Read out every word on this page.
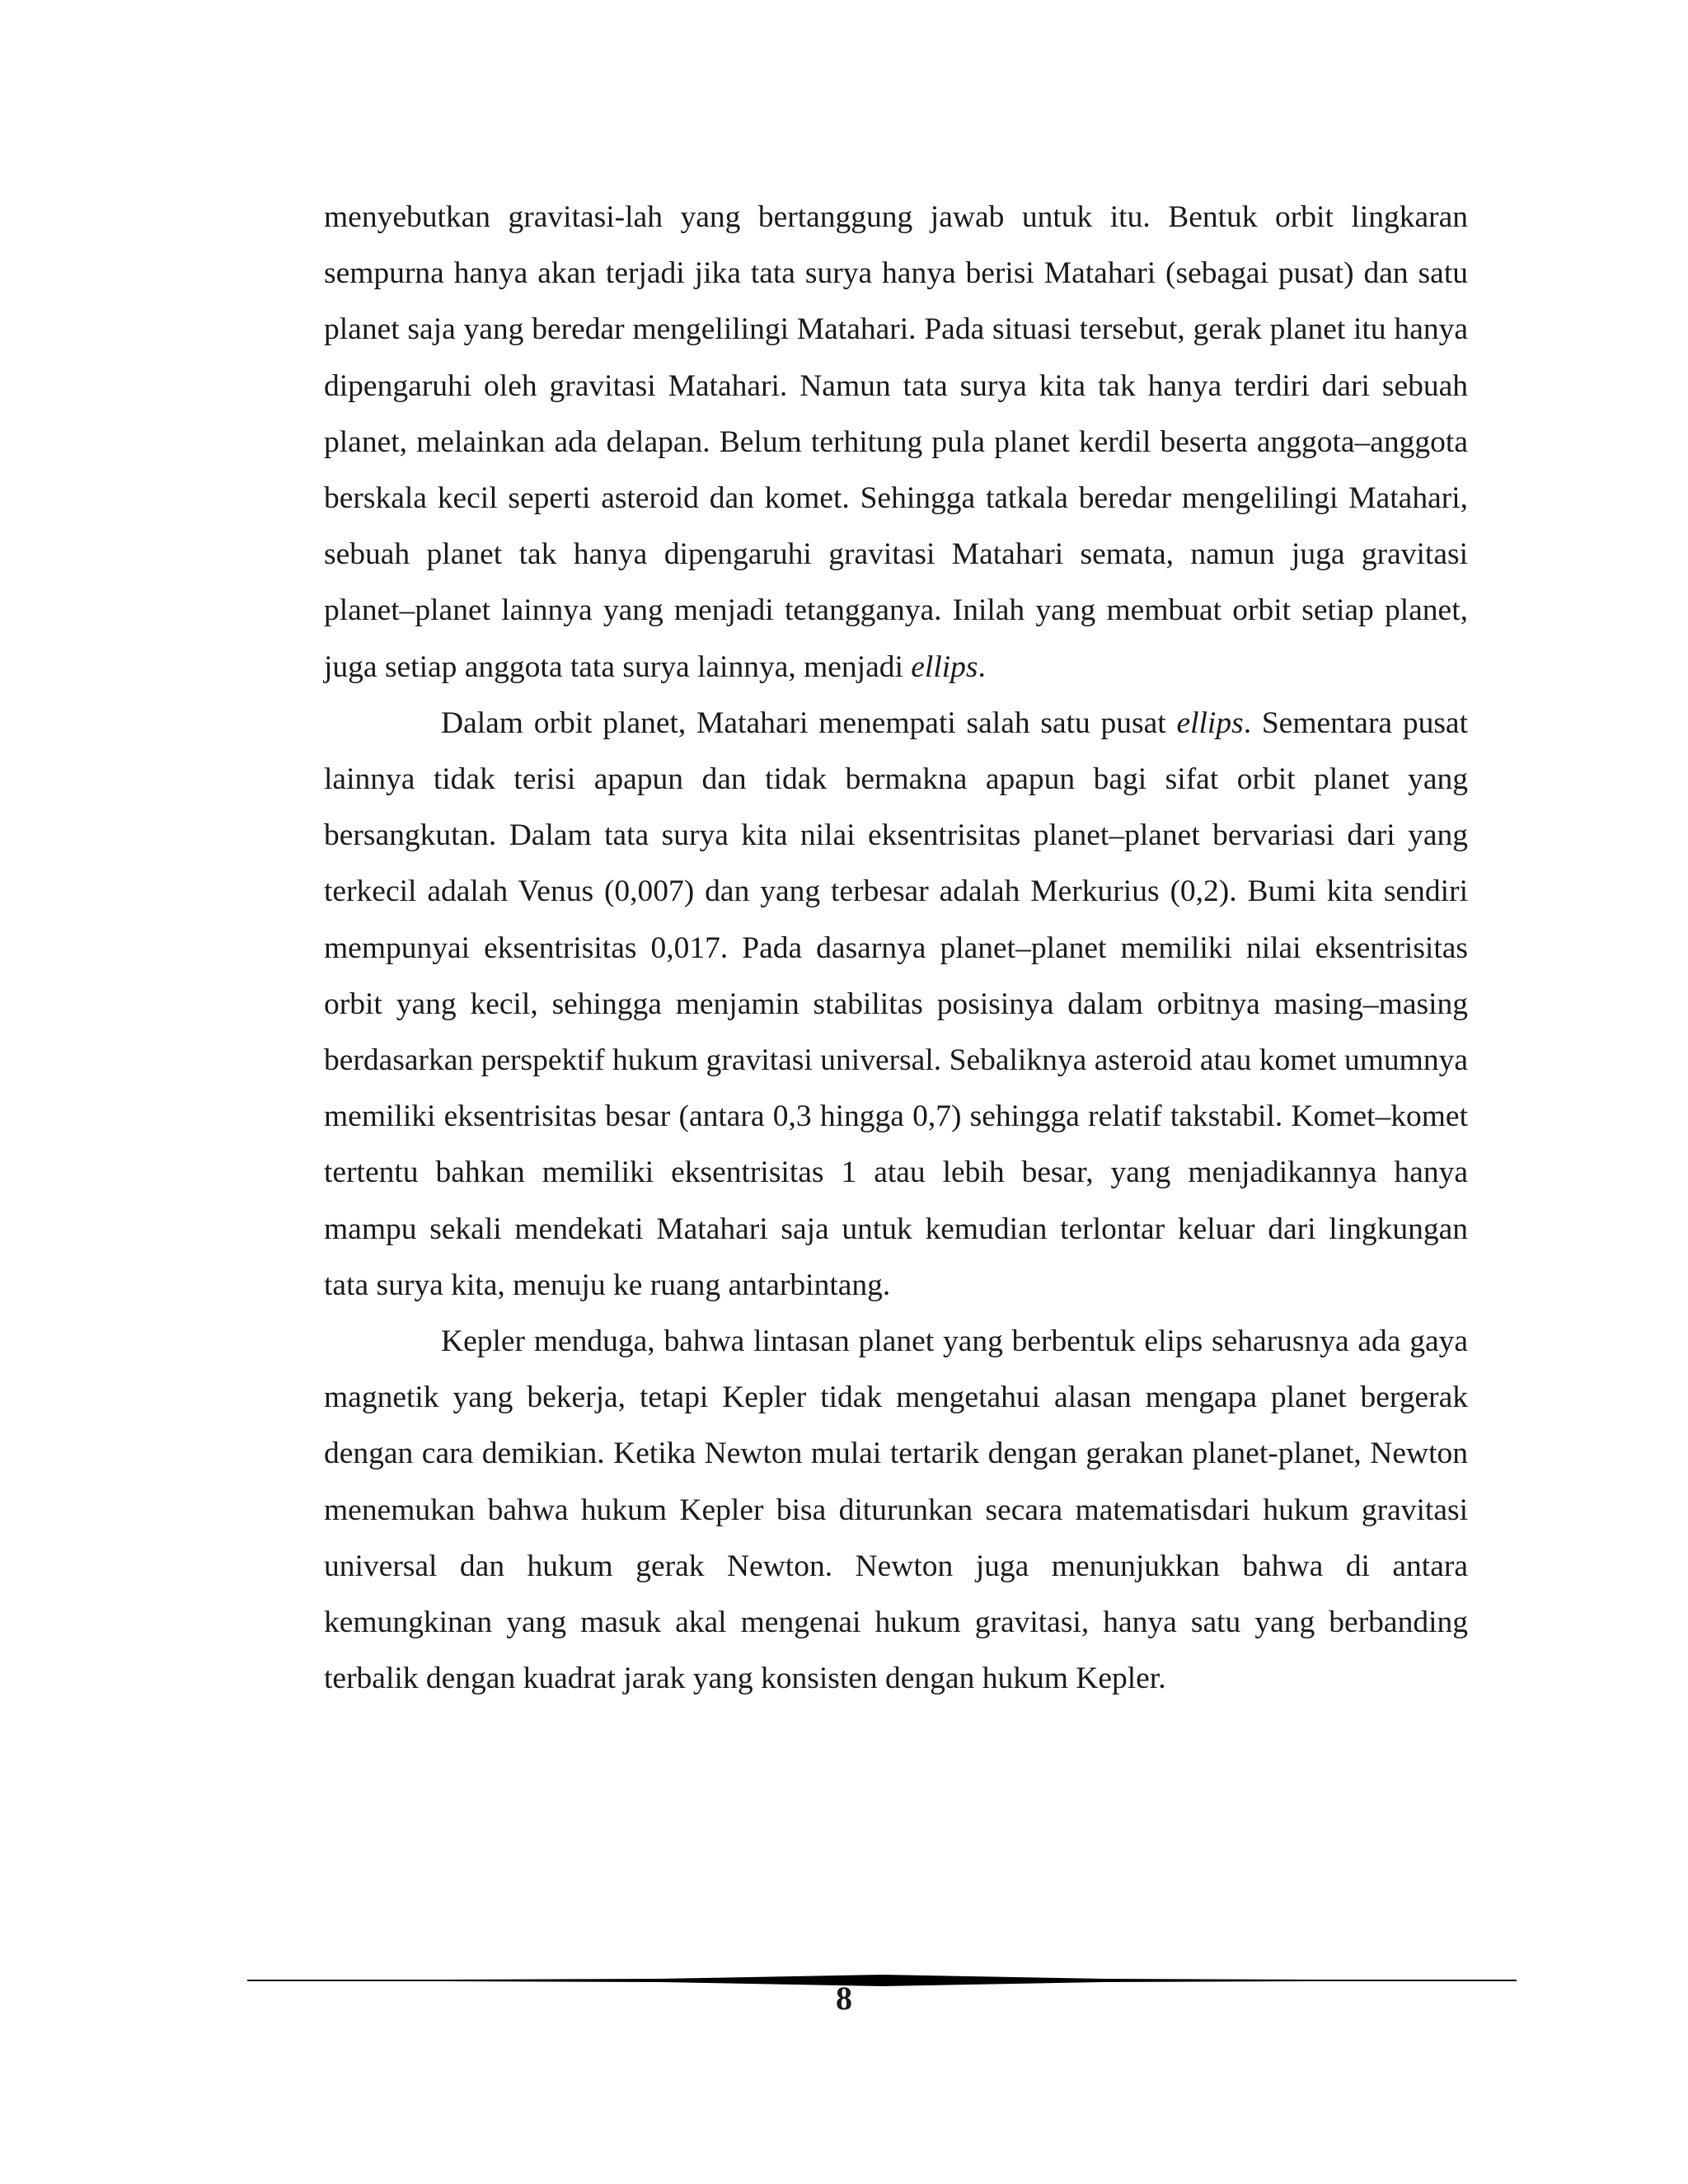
menyebutkan gravitasi-lah yang bertanggung jawab untuk itu. Bentuk orbit lingkaran sempurna hanya akan terjadi jika tata surya hanya berisi Matahari (sebagai pusat) dan satu planet saja yang beredar mengelilingi Matahari. Pada situasi tersebut, gerak planet itu hanya dipengaruhi oleh gravitasi Matahari. Namun tata surya kita tak hanya terdiri dari sebuah planet, melainkan ada delapan. Belum terhitung pula planet kerdil beserta anggota–anggota berskala kecil seperti asteroid dan komet. Sehingga tatkala beredar mengelilingi Matahari, sebuah planet tak hanya dipengaruhi gravitasi Matahari semata, namun juga gravitasi planet–planet lainnya yang menjadi tetangganya. Inilah yang membuat orbit setiap planet, juga setiap anggota tata surya lainnya, menjadi ellips.

Dalam orbit planet, Matahari menempati salah satu pusat ellips. Sementara pusat lainnya tidak terisi apapun dan tidak bermakna apapun bagi sifat orbit planet yang bersangkutan. Dalam tata surya kita nilai eksentrisitas planet–planet bervariasi dari yang terkecil adalah Venus (0,007) dan yang terbesar adalah Merkurius (0,2). Bumi kita sendiri mempunyai eksentrisitas 0,017. Pada dasarnya planet–planet memiliki nilai eksentrisitas orbit yang kecil, sehingga menjamin stabilitas posisinya dalam orbitnya masing–masing berdasarkan perspektif hukum gravitasi universal. Sebaliknya asteroid atau komet umumnya memiliki eksentrisitas besar (antara 0,3 hingga 0,7) sehingga relatif takstabil. Komet–komet tertentu bahkan memiliki eksentrisitas 1 atau lebih besar, yang menjadikannya hanya mampu sekali mendekati Matahari saja untuk kemudian terlontar keluar dari lingkungan tata surya kita, menuju ke ruang antarbintang.

Kepler menduga, bahwa lintasan planet yang berbentuk elips seharusnya ada gaya magnetik yang bekerja, tetapi Kepler tidak mengetahui alasan mengapa planet bergerak dengan cara demikian. Ketika Newton mulai tertarik dengan gerakan planet-planet, Newton menemukan bahwa hukum Kepler bisa diturunkan secara matematisdari hukum gravitasi universal dan hukum gerak Newton. Newton juga menunjukkan bahwa di antara kemungkinan yang masuk akal mengenai hukum gravitasi, hanya satu yang berbanding terbalik dengan kuadrat jarak yang konsisten dengan hukum Kepler.

8
